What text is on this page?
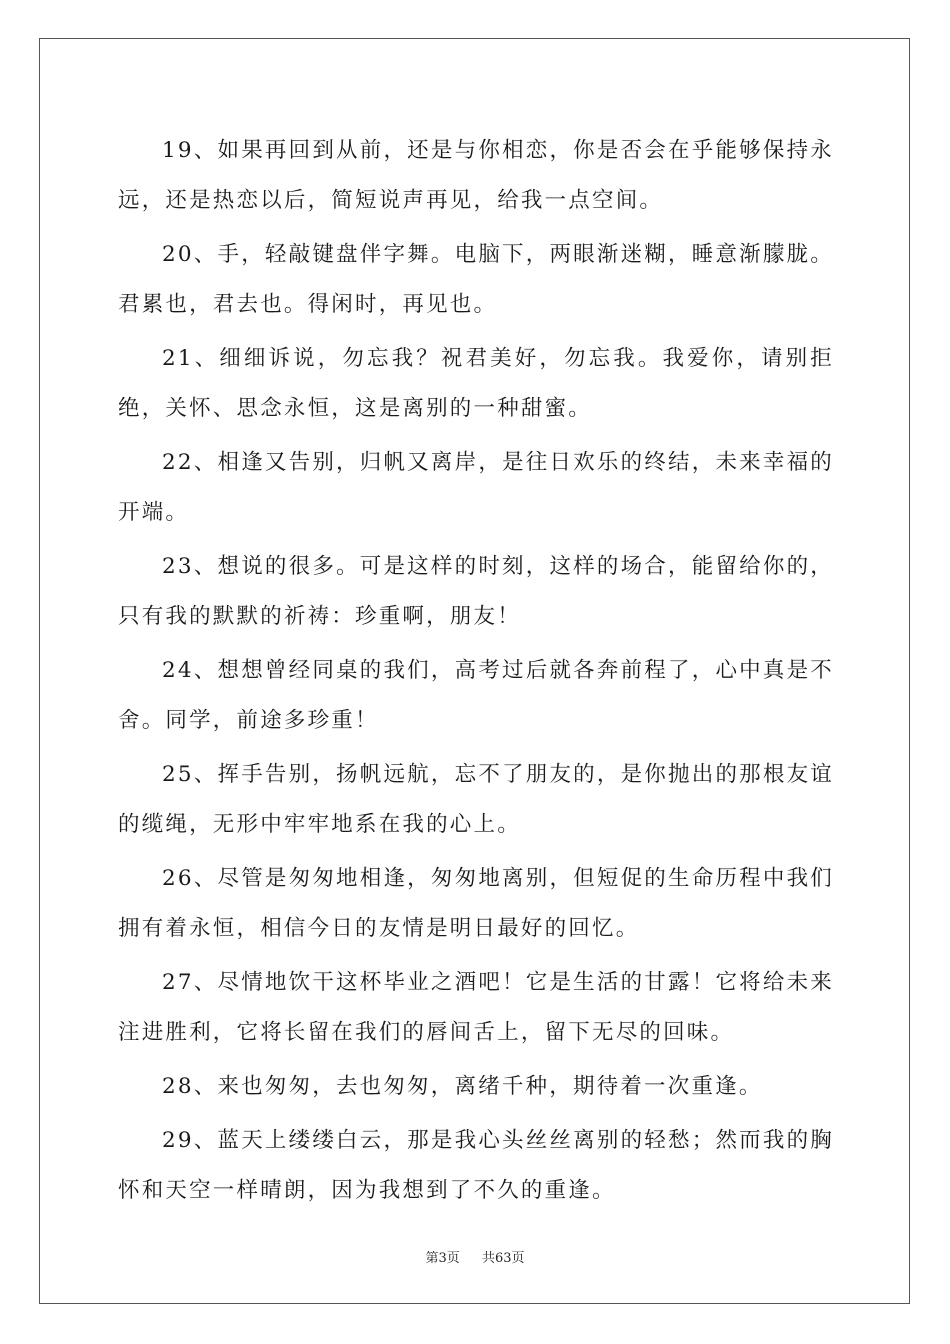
19、如果再回到从前，还是与你相恋，你是否会在乎能够保持永远，还是热恋以后，简短说声再见，给我一点空间。

20、手，轻敲键盘伴字舞。电脑下，两眼渐迷糊，睡意渐朦胧。君累也，君去也。得闲时，再见也。

21、细细诉说，勿忘我？祝君美好，勿忘我。我爱你，请别拒绝，关怀、思念永恒，这是离别的一种甜蜜。

22、相逢又告别，归帆又离岸，是往日欢乐的终结，未来幸福的开端。

23、想说的很多。可是这样的时刻，这样的场合，能留给你的，只有我的默默的祈祷：珍重啊，朋友！

24、想想曾经同桌的我们，高考过后就各奔前程了，心中真是不舍。同学，前途多珍重！

25、挥手告别，扬帆远航，忘不了朋友的，是你抛出的那根友谊的缆绳，无形中牢牢地系在我的心上。

26、尽管是匆匆地相逢，匆匆地离别，但短促的生命历程中我们拥有着永恒，相信今日的友情是明日最好的回忆。

27、尽情地饮干这杯毕业之酒吧！它是生活的甘露！它将给未来注进胜利，它将长留在我们的唇间舌上，留下无尽的回味。

28、来也匆匆，去也匆匆，离绪千种，期待着一次重逢。

29、蓝天上缕缕白云，那是我心头丝丝离别的轻愁；然而我的胸怀和天空一样晴朗，因为我想到了不久的重逢。

第3页 共63页
